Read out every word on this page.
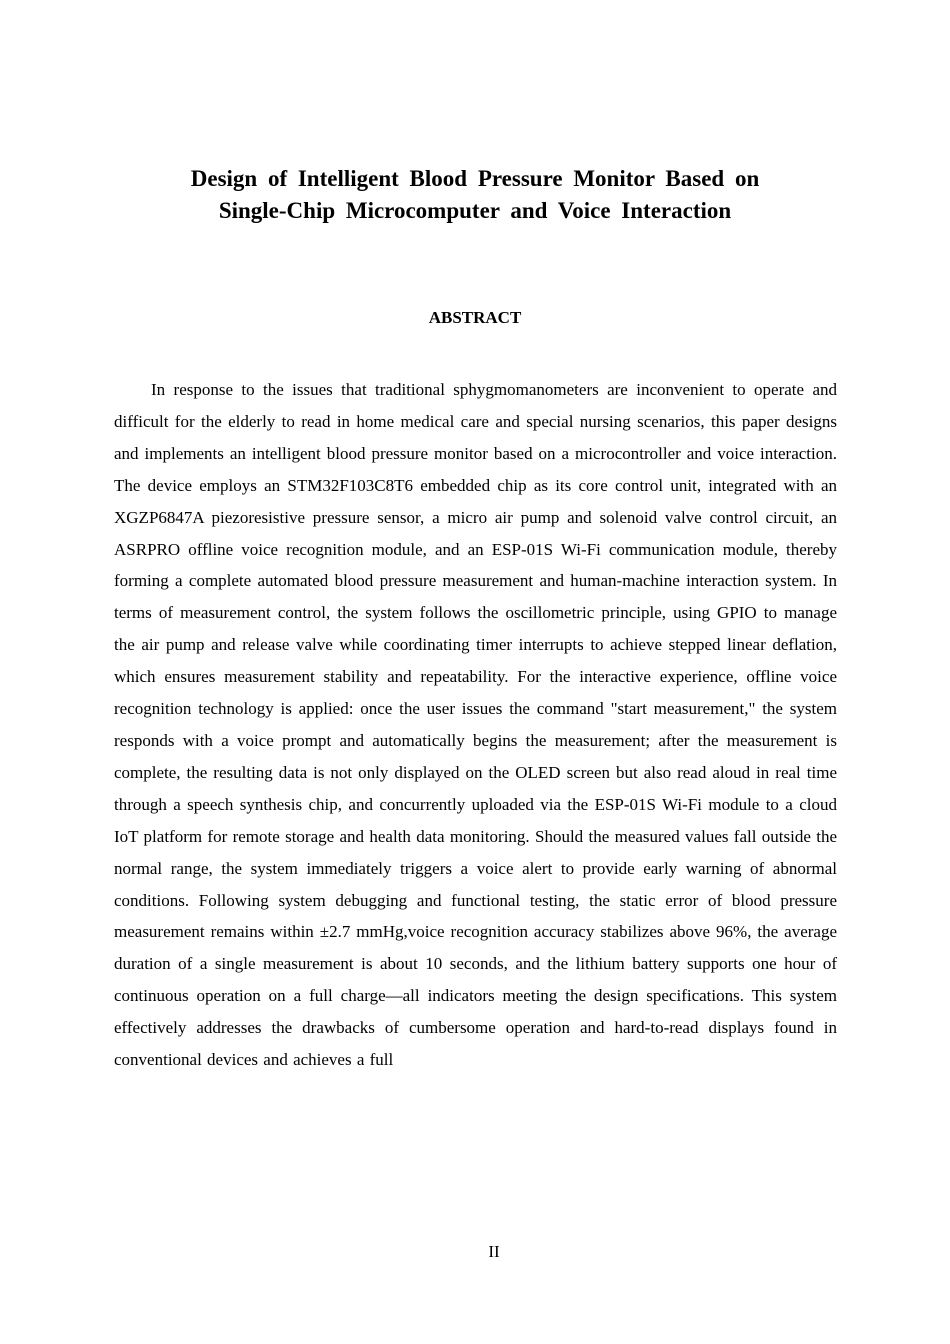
Design of Intelligent Blood Pressure Monitor Based on
Single-Chip Microcomputer and Voice Interaction
ABSTRACT

In response to the issues that traditional sphygmomanometers are inconvenient to operate and difficult for the elderly to read in home medical care and special nursing scenarios, this paper designs and implements an intelligent blood pressure monitor based on a microcontroller and voice interaction. The device employs an STM32F103C8T6 embedded chip as its core control unit, integrated with an XGZP6847A piezoresistive pressure sensor, a micro air pump and solenoid valve control circuit, an ASRPRO offline voice recognition module, and an ESP-01S Wi-Fi communication module, thereby forming a complete automated blood pressure measurement and human-machine interaction system. In terms of measurement control, the system follows the oscillometric principle, using GPIO to manage the air pump and release valve while coordinating timer interrupts to achieve stepped linear deflation, which ensures measurement stability and repeatability. For the interactive experience, offline voice recognition technology is applied: once the user issues the command "start measurement," the system responds with a voice prompt and automatically begins the measurement; after the measurement is complete, the resulting data is not only displayed on the OLED screen but also read aloud in real time through a speech synthesis chip, and concurrently uploaded via the ESP-01S Wi-Fi module to a cloud IoT platform for remote storage and health data monitoring. Should the measured values fall outside the normal range, the system immediately triggers a voice alert to provide early warning of abnormal conditions. Following system debugging and functional testing, the static error of blood pressure measurement remains within ±2.7 mmHg,voice recognition accuracy stabilizes above 96%, the average duration of a single measurement is about 10 seconds, and the lithium battery supports one hour of continuous operation on a full charge—all indicators meeting the design specifications. This system effectively addresses the drawbacks of cumbersome operation and hard-to-read displays found in conventional devices and achieves a full

II
